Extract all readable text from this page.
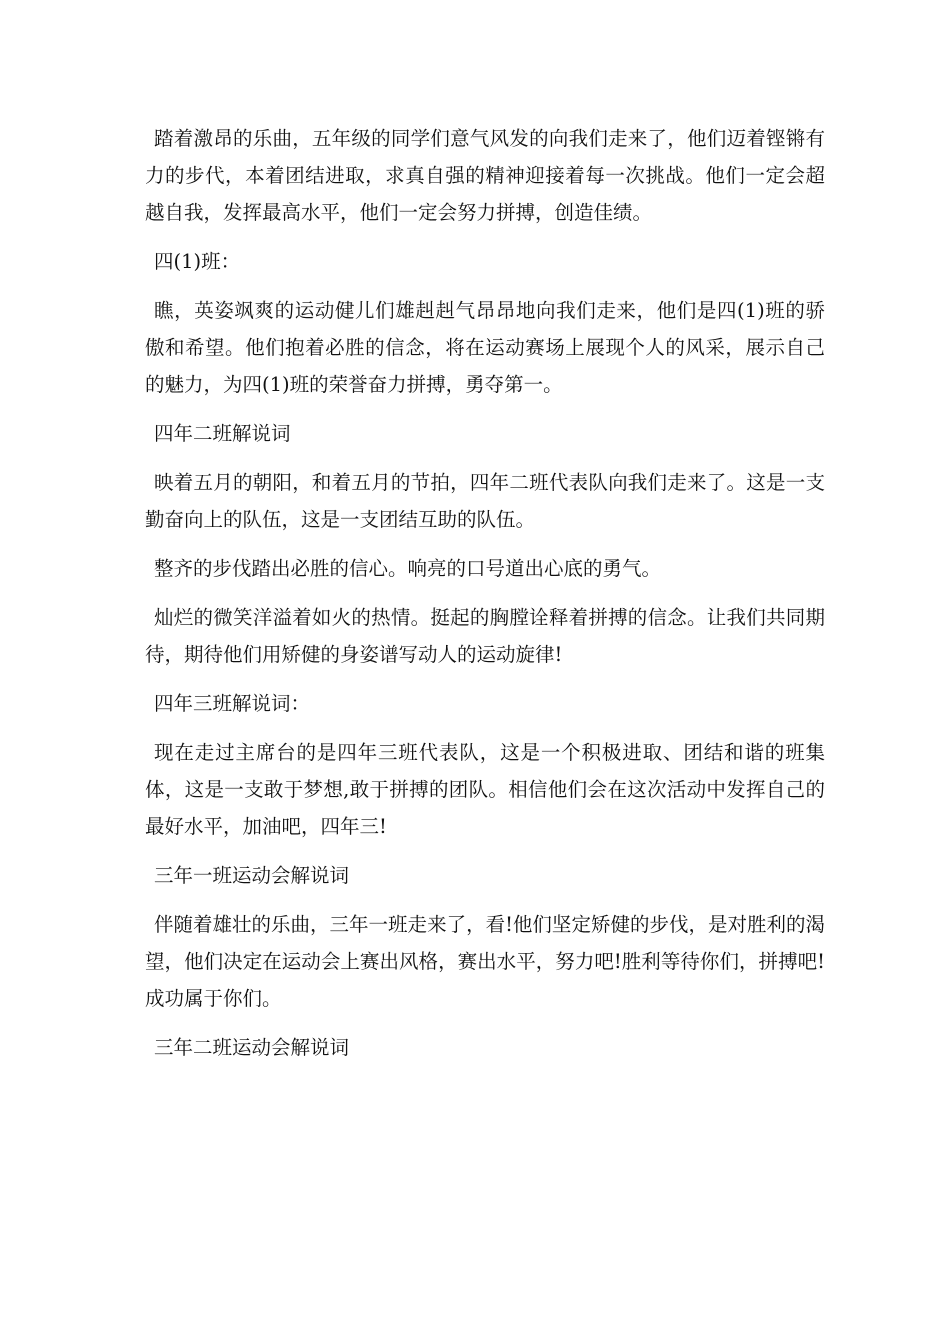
踏着激昂的乐曲，五年级的同学们意气风发的向我们走来了，他们迈着铿锵有力的步代，本着团结进取，求真自强的精神迎接着每一次挑战。他们一定会超越自我，发挥最高水平，他们一定会努力拼搏，创造佳绩。

四(1)班：

瞧，英姿飒爽的运动健儿们雄赳赳气昂昂地向我们走来，他们是四(1)班的骄傲和希望。他们抱着必胜的信念，将在运动赛场上展现个人的风采，展示自己的魅力，为四(1)班的荣誉奋力拼搏，勇夺第一。

四年二班解说词

映着五月的朝阳，和着五月的节拍，四年二班代表队向我们走来了。这是一支勤奋向上的队伍，这是一支团结互助的队伍。

整齐的步伐踏出必胜的信心。响亮的口号道出心底的勇气。

灿烂的微笑洋溢着如火的热情。挺起的胸膛诠释着拼搏的信念。让我们共同期待，期待他们用矫健的身姿谱写动人的运动旋律!

四年三班解说词：

现在走过主席台的是四年三班代表队，这是一个积极进取、团结和谐的班集体，这是一支敢于梦想,敢于拼搏的团队。相信他们会在这次活动中发挥自己的最好水平，加油吧，四年三!

三年一班运动会解说词

伴随着雄壮的乐曲，三年一班走来了，看!他们坚定矫健的步伐，是对胜利的渴望，他们决定在运动会上赛出风格，赛出水平，努力吧!胜利等待你们，拼搏吧!成功属于你们。

三年二班运动会解说词
